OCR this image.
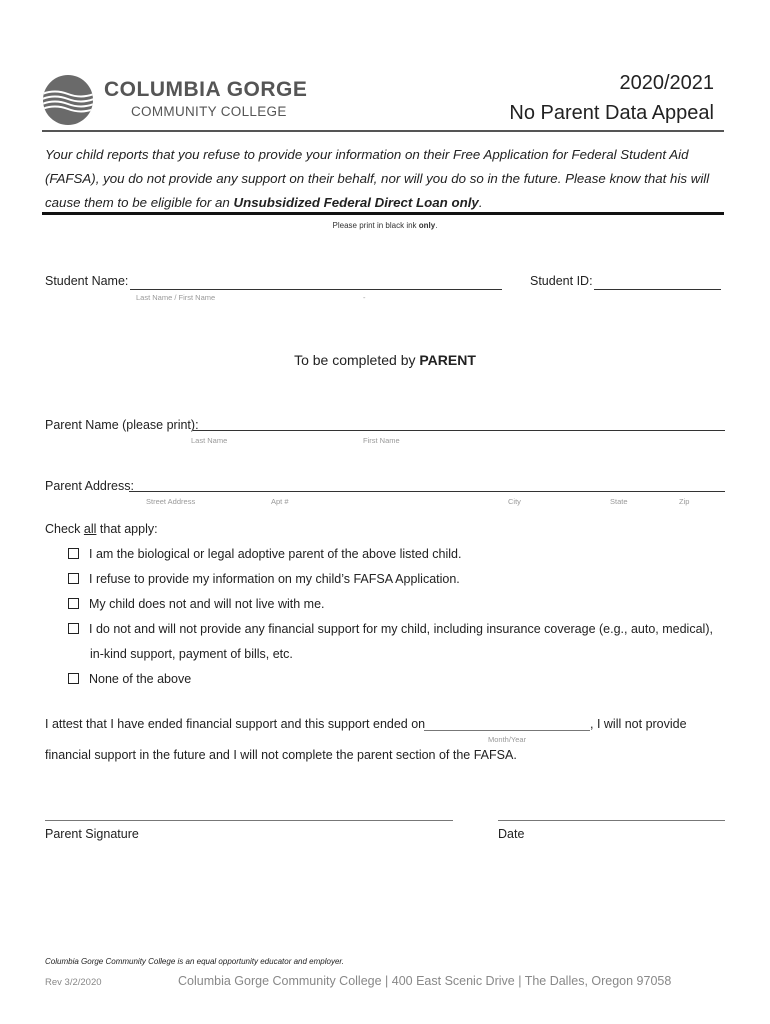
COLUMBIA GORGE
COMMUNITY COLLEGE
2020/2021
No Parent Data Appeal
Your child reports that you refuse to provide your information on their Free Application for Federal Student Aid (FAFSA), you do not provide any support on their behalf, nor will you do so in the future. Please know that his will cause them to be eligible for an Unsubsidized Federal Direct Loan only.
Please print in black ink only.
Student Name:
Last Name / First Name	-
Student ID:
To be completed by PARENT
Parent Name (please print):
Last Name	First Name
Parent Address:
Street Address	Apt #	City	State	Zip
Check all that apply:
I am the biological or legal adoptive parent of the above listed child.
I refuse to provide my information on my child’s FAFSA Application.
My child does not and will not live with me.
I do not and will not provide any financial support for my child, including insurance coverage (e.g., auto, medical), in-kind support, payment of bills, etc.
None of the above
I attest that I have ended financial support and this support ended on	, I will not provide
Month/Year
financial support in the future and I will not complete the parent section of the FAFSA.
Parent Signature	Date
Columbia Gorge Community College is an equal opportunity educator and employer.
Rev 3/2/2020	Columbia Gorge Community College | 400 East Scenic Drive | The Dalles, Oregon 97058
